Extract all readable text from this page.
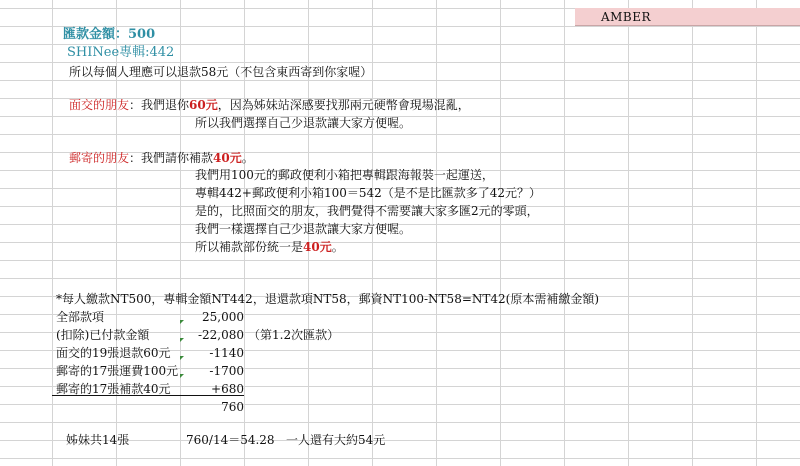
AMBER
匯款金額：500
SHINee專輯:442
所以每個人理應可以退款58元（不包含東西寄到你家喔）
面交的朋友：我們退你60元，因為姊妹站深感要找那兩元硬幣會現場混亂，
所以我們選擇自己少退款讓大家方便喔。
郵寄的朋友：我們請你補款40元。
我們用100元的郵政便利小箱把專輯跟海報裝一起運送，
專輯442+郵政便利小箱100＝542（是不是比匯款多了42元？）
是的，比照面交的朋友，我們覺得不需要讓大家多匯2元的零頭，
我們一樣選擇自己少退款讓大家方便喔。
所以補款部份統一是40元。
*每人繳款NT500，專輯金額NT442，退還款項NT58，郵資NT100-NT58=NT42(原本需補繳金額)
全部款項	25,000
(扣除)已付款金額	-22,080 （第1.2次匯款）
面交的19張退款60元	-1140
郵寄的17張運費100元	-1700
郵寄的17張補款40元	+680
760
姊妹共14張	760/14＝54.28 一人還有大約54元
